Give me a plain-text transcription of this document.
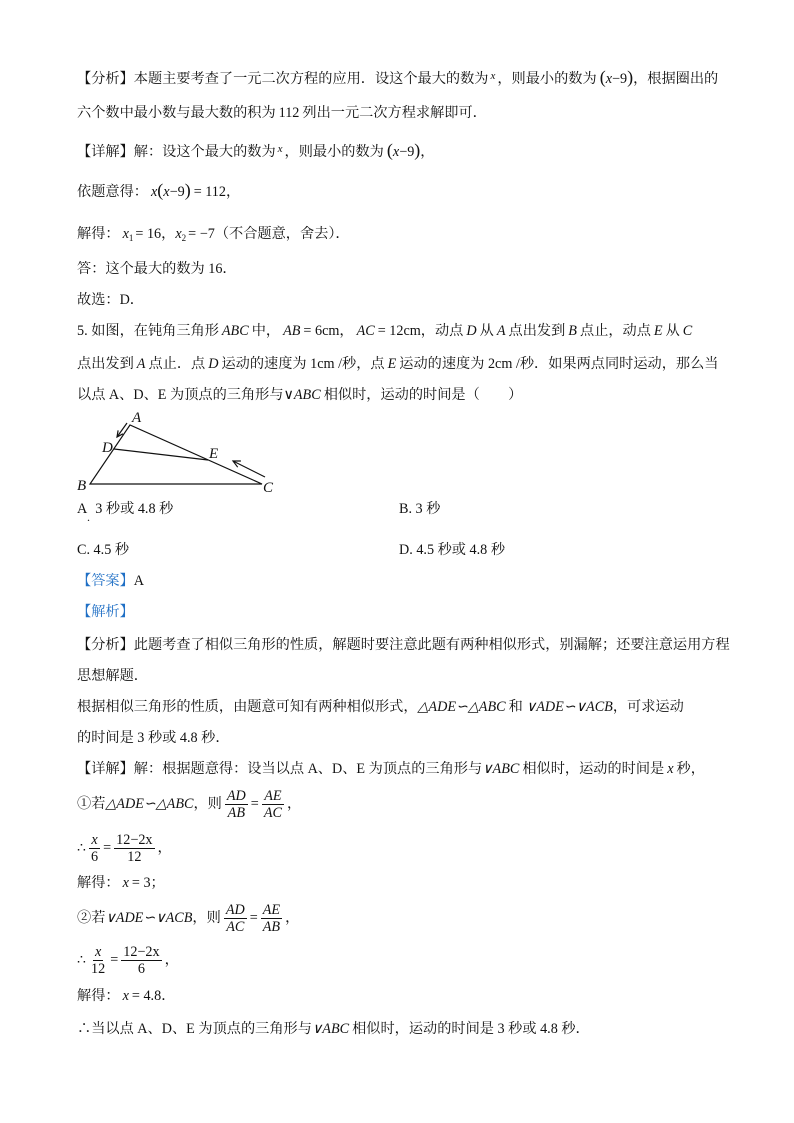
【分析】本题主要考查了一元二次方程的应用．设这个最大的数为 $^x$ ，则最小的数为 (x−9)，根据圈出的
六个数中最小数与最大数的积为 112 列出一元二次方程求解即可．
【详解】解：设这个最大的数为 $^x$ ，则最小的数为 (x−9)，
依题意得： x(x−9) = 112，
解得： $x_1 = 16$，$x_2 = -7$（不合题意，舍去）．
答：这个最大的数为 16．
故选：D．
5. 如图，在钝角三角形 ABC 中， AB = 6cm， AC = 12cm，动点 D 从 A 点出发到 B 点止，动点 E 从 C
点出发到 A 点止．点 D 运动的速度为 1cm /秒，点 E 运动的速度为 2cm /秒．如果两点同时运动，那么当
以点 A、D、E 为顶点的三角形与∨ABC 相似时，运动的时间是（　　）
A
B	C
D	E
A 3 秒或 4.8 秒
.	B. 3 秒
C. 4.5 秒	D. 4.5 秒或 4.8 秒
【答案】A
【解析】
【分析】此题考查了相似三角形的性质，解题时要注意此题有两种相似形式，别漏解；还要注意运用方程
思想解题．
根据相似三角形的性质，由题意可知有两种相似形式，△ADE∽△ABC 和 ∨ADE∽∨ACB，可求运动
的时间是 3 秒或 4.8 秒．
【详解】解：根据题意得：设当以点 A、D、E 为顶点的三角形与∨ABC 相似时，运动的时间是 x 秒，
①若△ADE∽△ABC，则 $\frac{AD}{AB} = \frac{AE}{AC}$ ，
∴ $\frac{x}{6} = \frac{12-2x}{12}$ ，
解得： x = 3；
②若∨ADE∽∨ACB，则 $\frac{AD}{AC} = \frac{AE}{AB}$ ，
∴ $\frac{x}{12} = \frac{12-2x}{6}$ ，
解得： x = 4.8．
∴当以点 A、D、E 为顶点的三角形与∨ABC 相似时，运动的时间是 3 秒或 4.8 秒．
